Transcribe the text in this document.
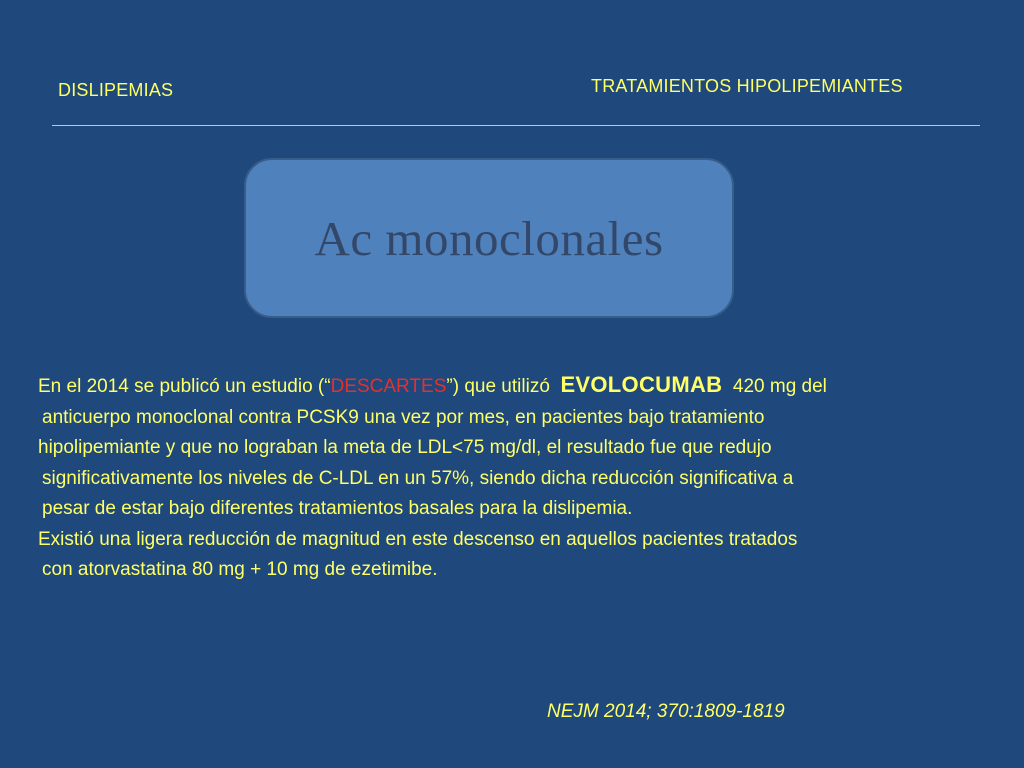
DISLIPEMIAS	TRATAMIENTOS HIPOLIPEMIANTES
Ac monoclonales
En el 2014 se publicó un estudio (“DESCARTES”) que utilizó  EVOLOCUMAB  420 mg del
anticuerpo monoclonal contra PCSK9 una vez por mes, en pacientes bajo tratamiento
hipolipemiante y que no lograban la meta de LDL<75 mg/dl, el resultado fue que redujo
significativamente los niveles de C-LDL en un 57%, siendo dicha reducción significativa a
pesar de estar bajo diferentes tratamientos basales para la dislipemia.
Existió una ligera reducción de magnitud en este descenso en aquellos pacientes tratados
con atorvastatina 80 mg + 10 mg de ezetimibe.
NEJM 2014; 370:1809-1819
